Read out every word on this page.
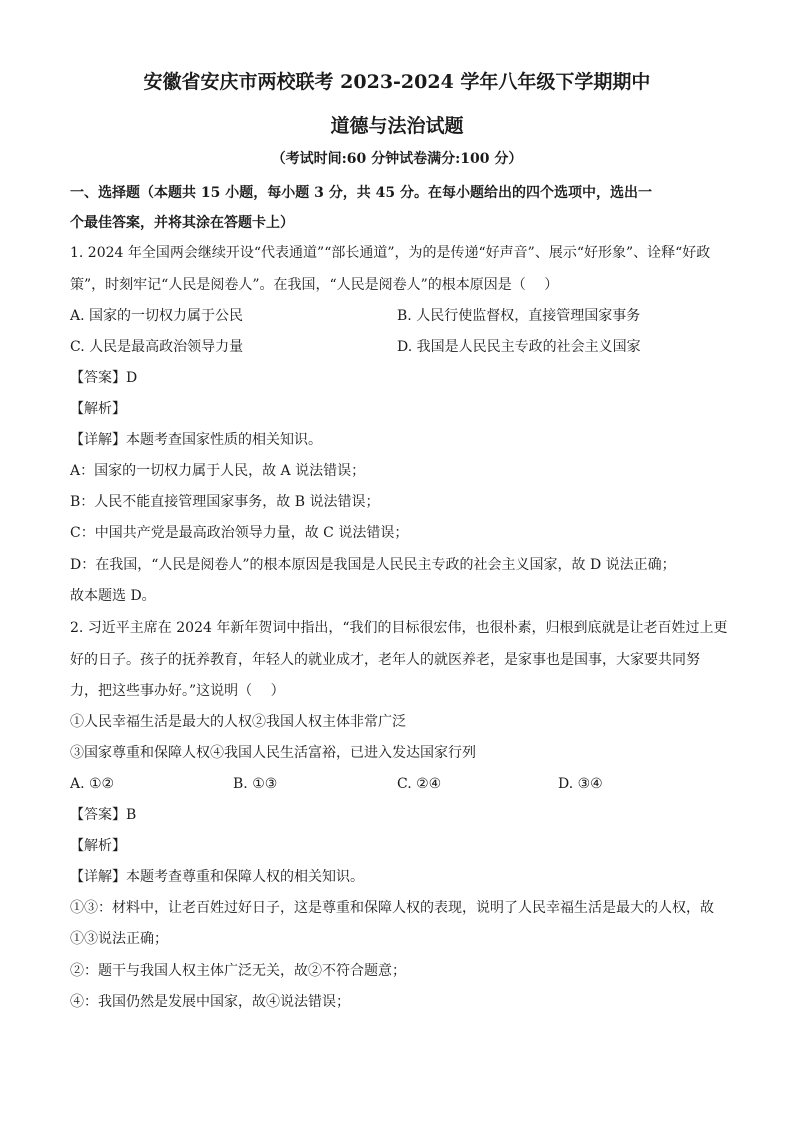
安徽省安庆市两校联考 2023-2024 学年八年级下学期期中
道德与法治试题
（考试时间:60 分钟试卷满分:100 分）
一、选择题（本题共 15 小题，每小题 3 分，共 45 分。在每小题给出的四个选项中，选出一
个最佳答案，并将其涂在答题卡上）
1. 2024 年全国两会继续开设“代表通道”“部长通道”，为的是传递“好声音”、展示“好形象”、诠释“好政
策”，时刻牢记“人民是阅卷人”。在我国，“人民是阅卷人”的根本原因是（　 ）
A. 国家的一切权力属于公民	B. 人民行使监督权，直接管理国家事务
C. 人民是最高政治领导力量	D. 我国是人民民主专政的社会主义国家
【答案】D
【解析】
【详解】本题考查国家性质的相关知识。
A：国家的一切权力属于人民，故 A 说法错误；
B：人民不能直接管理国家事务，故 B 说法错误；
C：中国共产党是最高政治领导力量，故 C 说法错误；
D：在我国，“人民是阅卷人”的根本原因是我国是人民民主专政的社会主义国家，故 D 说法正确；
故本题选 D。
2. 习近平主席在 2024 年新年贺词中指出，“我们的目标很宏伟，也很朴素，归根到底就是让老百姓过上更
好的日子。孩子的抚养教育，年轻人的就业成才，老年人的就医养老，是家事也是国事，大家要共同努
力，把这些事办好。”这说明（　 ）
①人民幸福生活是最大的人权②我国人权主体非常广泛
③国家尊重和保障人权④我国人民生活富裕，已进入发达国家行列
A. ①②	B. ①③	C. ②④	D. ③④
【答案】B
【解析】
【详解】本题考查尊重和保障人权的相关知识。
①③：材料中，让老百姓过好日子，这是尊重和保障人权的表现，说明了人民幸福生活是最大的人权，故
①③说法正确；
②：题干与我国人权主体广泛无关，故②不符合题意；
④：我国仍然是发展中国家，故④说法错误；
